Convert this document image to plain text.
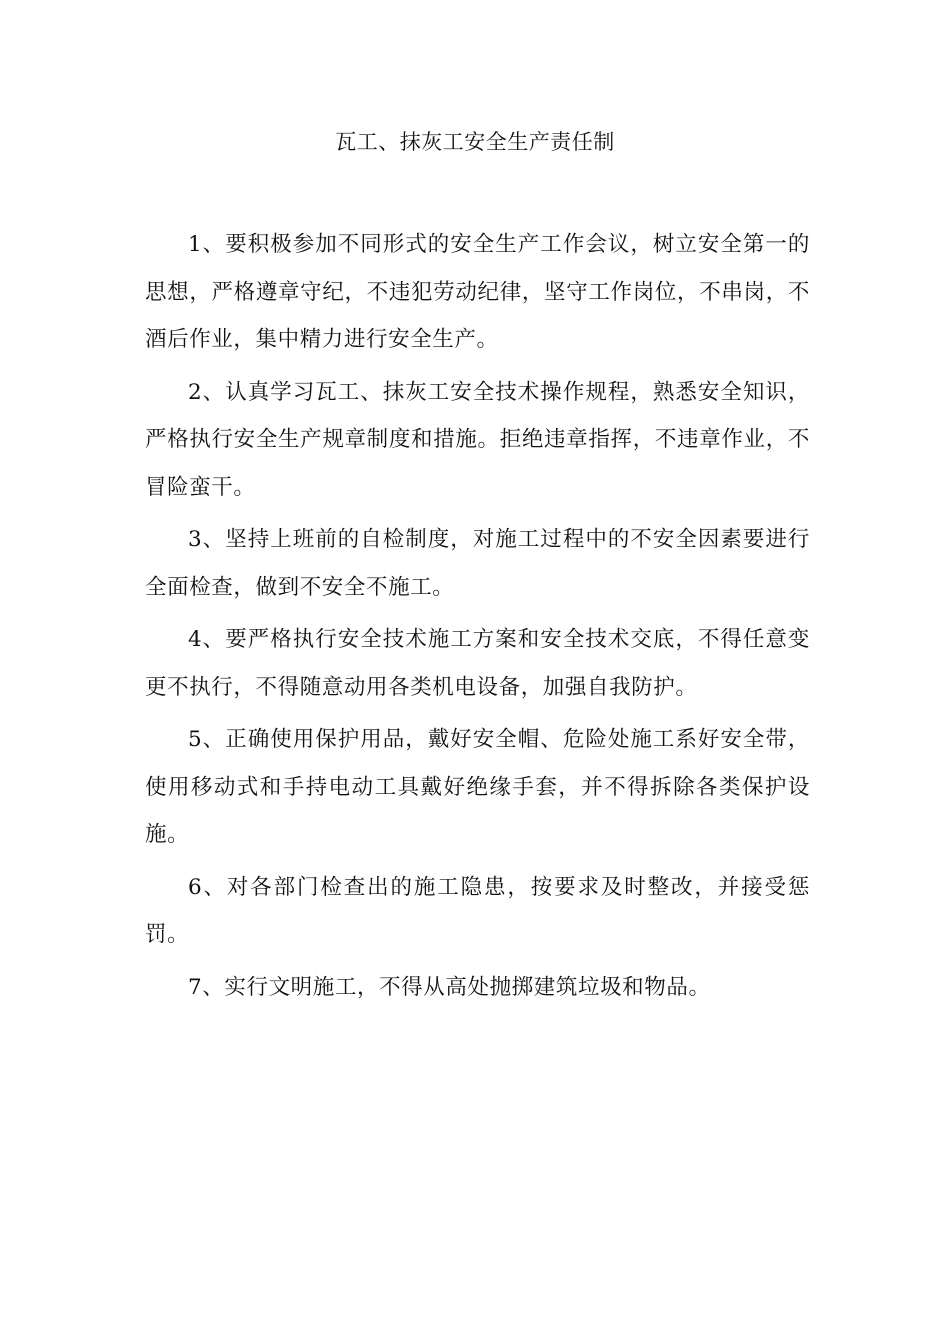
瓦工、抹灰工安全生产责任制

1、要积极参加不同形式的安全生产工作会议，树立安全第一的思想，严格遵章守纪，不违犯劳动纪律，坚守工作岗位，不串岗，不酒后作业，集中精力进行安全生产。

2、认真学习瓦工、抹灰工安全技术操作规程，熟悉安全知识，严格执行安全生产规章制度和措施。拒绝违章指挥，不违章作业，不冒险蛮干。

3、坚持上班前的自检制度，对施工过程中的不安全因素要进行全面检查，做到不安全不施工。

4、要严格执行安全技术施工方案和安全技术交底，不得任意变更不执行，不得随意动用各类机电设备，加强自我防护。

5、正确使用保护用品，戴好安全帽、危险处施工系好安全带，使用移动式和手持电动工具戴好绝缘手套，并不得拆除各类保护设施。

6、对各部门检查出的施工隐患，按要求及时整改，并接受惩罚。

7、实行文明施工，不得从高处抛掷建筑垃圾和物品。
